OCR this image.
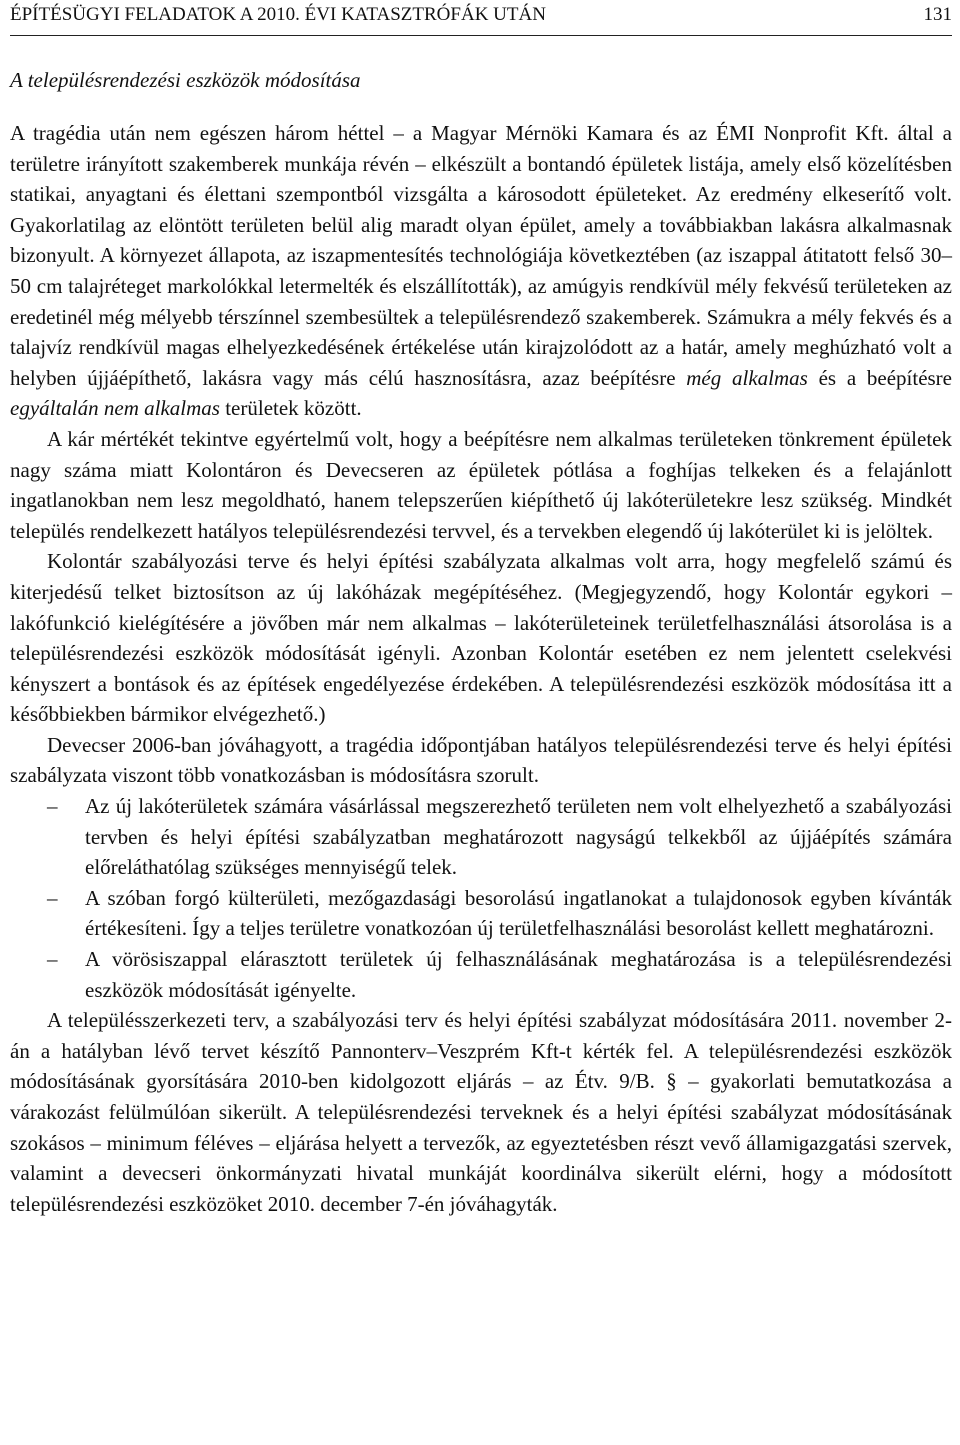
ÉPÍTÉSÜGYI FELADATOK A 2010. ÉVI KATASZTRÓFÁK UTÁN	131
A településrendezési eszközök módosítása

A tragédia után nem egészen három héttel – a Magyar Mérnöki Kamara és az ÉMI Nonprofit Kft. által a területre irányított szakemberek munkája révén – elkészült a bontandó épületek listája, amely első közelítésben statikai, anyagtani és élettani szempontból vizsgálta a károsodott épületeket. Az eredmény elkeserítő volt. Gyakorlatilag az elöntött területen belül alig maradt olyan épület, amely a továbbiakban lakásra alkalmasnak bizonyult. A környezet állapota, az iszapmentesítés technológiája következtében (az iszappal átitatott felső 30–50 cm talajréteget markolókkal letermelték és elszállították), az amúgyis rendkívül mély fekvésű területeken az eredetinél még mélyebb térszínnel szembesültek a településrendező szakemberek. Számukra a mély fekvés és a talajvíz rendkívül magas elhelyezkedésének értékelése után kirajzolódott az a határ, amely meghúzható volt a helyben újjáépíthető, lakásra vagy más célú hasznosításra, azaz beépítésre még alkalmas és a beépítésre egyáltalán nem alkalmas területek között.

A kár mértékét tekintve egyértelmű volt, hogy a beépítésre nem alkalmas területeken tönkrement épületek nagy száma miatt Kolontáron és Devecseren az épületek pótlása a foghíjas telkeken és a felajánlott ingatlanokban nem lesz megoldható, hanem telepszerűen kiépíthető új lakóterületekre lesz szükség. Mindkét település rendelkezett hatályos településrendezési tervvel, és a tervekben elegendő új lakóterület ki is jelöltek.

Kolontár szabályozási terve és helyi építési szabályzata alkalmas volt arra, hogy megfelelő számú és kiterjedésű telket biztosítson az új lakóházak megépítéséhez. (Megjegyzendő, hogy Kolontár egykori – lakófunkció kielégítésére a jövőben már nem alkalmas – lakóterületeinek területfelhasználási átsorolása is a településrendezési eszközök módosítását igényli. Azonban Kolontár esetében ez nem jelentett cselekvési kényszert a bontások és az építések engedélyezése érdekében. A településrendezési eszközök módosítása itt a későbbiekben bármikor elvégezhető.)

Devecser 2006-ban jóváhagyott, a tragédia időpontjában hatályos településrendezési terve és helyi építési szabályzata viszont több vonatkozásban is módosításra szorult.

– Az új lakóterületek számára vásárlással megszerezhető területen nem volt elhelyezhető a szabályozási tervben és helyi építési szabályzatban meghatározott nagyságú telkekből az újjáépítés számára előreláthatólag szükséges mennyiségű telek.
– A szóban forgó külterületi, mezőgazdasági besorolású ingatlanokat a tulajdonosok egyben kívánták értékesíteni. Így a teljes területre vonatkozóan új területfelhasználási besorolást kellett meghatározni.
– A vörösiszappal elárasztott területek új felhasználásának meghatározása is a településrendezési eszközök módosítását igényelte.

A településszerkezeti terv, a szabályozási terv és helyi építési szabályzat módosítására 2011. november 2-án a hatályban lévő tervet készítő Pannonterv–Veszprém Kft-t kérték fel. A településrendezési eszközök módosításának gyorsítására 2010-ben kidolgozott eljárás – az Étv. 9/B. § – gyakorlati bemutatkozása a várakozást felülmúlóan sikerült. A településrendezési terveknek és a helyi építési szabályzat módosításának szokásos – minimum féléves – eljárása helyett a tervezők, az egyeztetésben részt vevő államigazgatási szervek, valamint a devecseri önkormányzati hivatal munkáját koordinálva sikerült elérni, hogy a módosított településrendezési eszközöket 2010. december 7-én jóváhagyták.
